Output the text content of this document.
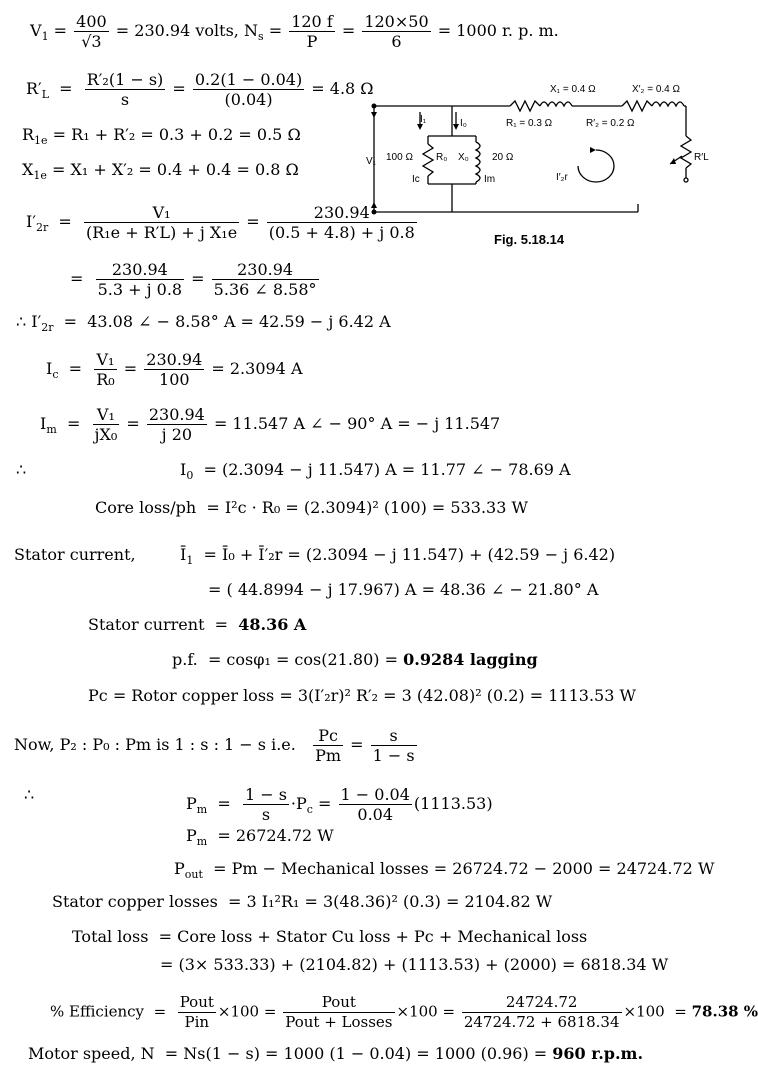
$V_1 = \frac{400}{√3} = 230.94$ volts, $N_s = \frac{120 f}{P} = \frac{120\times 50}{6} = 1000$ r. p. m.
$R'_L = \frac{\text{R′₂(1 − s)}}{s} = \frac{0.2(1 - 0.04)}{(0.04)} = 4.8$ Ω
$R_{1e} = R_1 + R'_2 = 0.3 + 0.2 = 0.5$ Ω
$X_{1e} = X_1 + X'_2 = 0.4 + 0.4 = 0.8$ Ω
$I'_{2r} = \frac{\text{V₁}}{\text{(R₁e + R′L) + j X₁e}} = \frac{230.94}{(0.5 + 4.8) + j 0.8}$
= $\frac{230.94}{5.3 + j 0.8} = \frac{230.94}{5.36 \angle 8.58^\circ}$
∴ $I'_{2r} = 43.08$ ∠ − 8.58° A = 42.59 − j 6.42 A
$I_c = \frac{\text{V₁}}{\text{R₀}} = \frac{230.94}{100} = 2.3094$ A
$I_m = \frac{\text{V₁}}{\text{jX₀}} = \frac{230.94}{j 20} = 11.547$ A ∠ − 90° A = − j 11.547
∴	$I_0 = (2.3094 - j$ 11.547) A = 11.77 ∠ − 78.69 A
Core loss/ph = I²c · R₀ = (2.3094)² (100) = 533.33 W
Stator current,	$Ī_1$ = Ī₀ + Ī′₂r = (2.3094 − j 11.547) + (42.59 − j 6.42)
= ( 44.8994 − j 17.967) A = 48.36 ∠ − 21.80° A
Stator current  =  48.36 A
p.f. = cosφ₁ = cos(21.80) = 0.9284 lagging
Pc = Rotor copper loss = 3(I′₂r)² R′₂ = 3 (42.08)² (0.2) = 1113.53 W
Now, P₂ : P₀ : Pm is 1 : s : 1 − s i.e. $\frac{Pc}{Pm} = \frac{s}{1 - s}$
∴	$P_m = \frac{1 - s}{s} \cdot P_c = \frac{1 - 0.04}{0.04} (1113.53)$
$P_m = 26724.72$ W
$P_{out} = Pm$ − Mechanical losses = 26724.72 − 2000 = 24724.72 W
Stator copper losses = 3 I₁²R₁ = 3(48.36)² (0.3) = 2104.82 W
Total loss = Core loss + Stator Cu loss + Pc + Mechanical loss
= (3× 533.33) + (2104.82) + (1113.53) + (2000) = 6818.34 W
% Efficiency  = $\frac{\text{Pout}}{\text{Pin}} \times 100 = \frac{\text{Pout}}{\text{Pout + Losses}} \times 100 = \frac{24724.72}{24724.72 + 6818.34} \times 100 = 78.38$ %
Motor speed, N = Ns(1 − s) = 1000 (1 − 0.04) = 1000 (0.96) = 960 r.p.m.
X₁ = 0.4 Ω	X′₂ = 0.4 Ω
R₁ = 0.3 Ω	R′₂ = 0.2 Ω
I₁	I₀
V₁ 100 Ω R₀ X₀ 20 Ω
Ic	Im	I′₂r
R′L
Fig. 5.18.14
